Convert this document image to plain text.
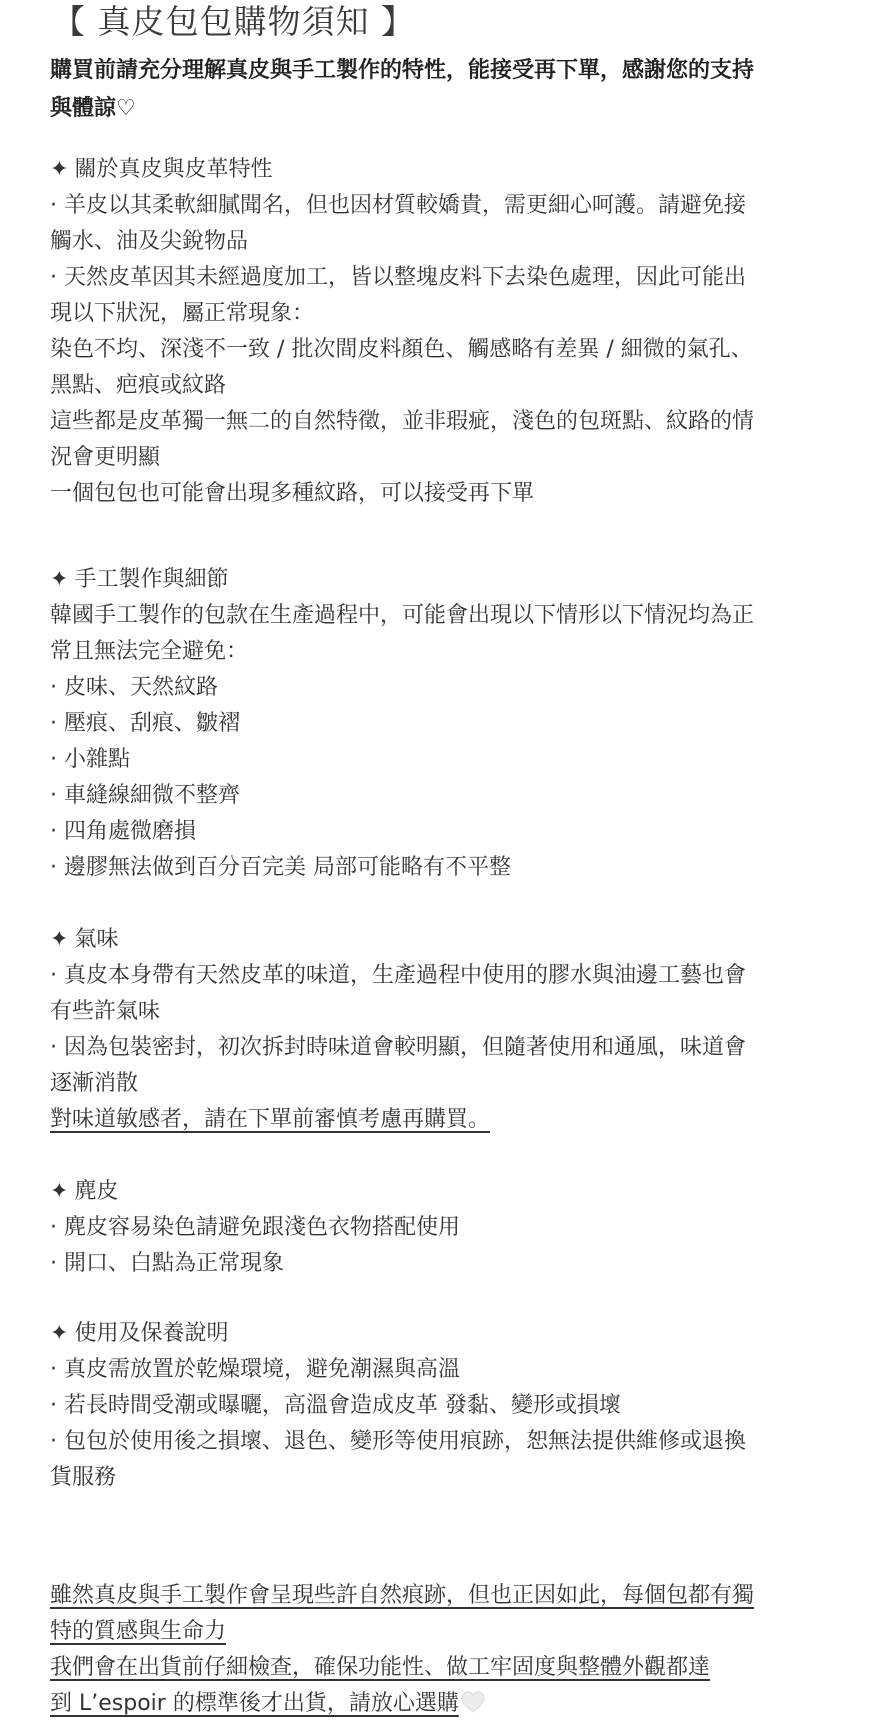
【 真皮包包購物須知 】
購買前請充分理解真皮與手工製作的特性，能接受再下單，感謝您的支持
與體諒♡
✦ 關於真皮與皮革特性
· 羊皮以其柔軟細膩聞名，但也因材質較嬌貴，需更細心呵護。請避免接
觸水、油及尖銳物品
· 天然皮革因其未經過度加工，皆以整塊皮料下去染色處理，因此可能出
現以下狀況，屬正常現象：
染色不均、深淺不一致 / 批次間皮料顏色、觸感略有差異 / 細微的氣孔、
黑點、疤痕或紋路
這些都是皮革獨一無二的自然特徵，並非瑕疵，淺色的包斑點、紋路的情
況會更明顯
一個包包也可能會出現多種紋路，可以接受再下單
✦ 手工製作與細節
韓國手工製作的包款在生產過程中，可能會出現以下情形以下情況均為正
常且無法完全避免：
· 皮味、天然紋路
· 壓痕、刮痕、皺褶
· 小雜點
· 車縫線細微不整齊
· 四角處微磨損
· 邊膠無法做到百分百完美 局部可能略有不平整
✦ 氣味
· 真皮本身帶有天然皮革的味道，生產過程中使用的膠水與油邊工藝也會
有些許氣味
· 因為包裝密封，初次拆封時味道會較明顯，但隨著使用和通風，味道會
逐漸消散
對味道敏感者，請在下單前審慎考慮再購買。
✦ 麂皮
· 麂皮容易染色請避免跟淺色衣物搭配使用
· 開口、白點為正常現象
✦ 使用及保養說明
· 真皮需放置於乾燥環境，避免潮濕與高溫
· 若長時間受潮或曝曬，高溫會造成皮革 發黏、變形或損壞
· 包包於使用後之損壞、退色、變形等使用痕跡，恕無法提供維修或退換
貨服務
雖然真皮與手工製作會呈現些許自然痕跡，但也正因如此，每個包都有獨
特的質感與生命力
我們會在出貨前仔細檢查，確保功能性、做工牢固度與整體外觀都達
到 L’espoir 的標準後才出貨，請放心選購
